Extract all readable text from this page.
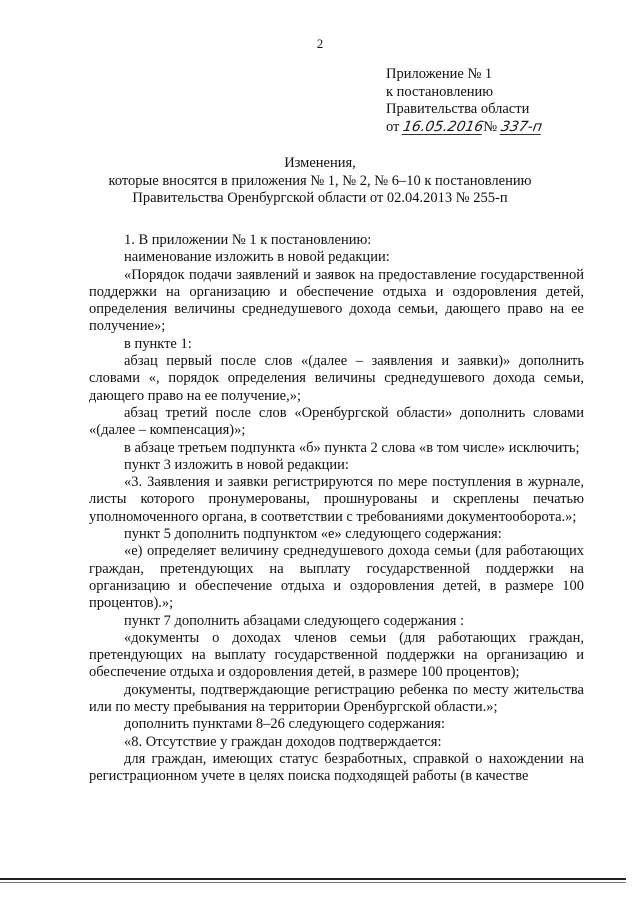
2
Приложение № 1
к постановлению
Правительства области
от 16.05.2016№ 337-п
Изменения,
которые вносятся в приложения № 1, № 2, № 6–10 к постановлению
Правительства Оренбургской области от 02.04.2013 № 255-п

1. В приложении № 1 к постановлению:

наименование изложить в новой редакции:

«Порядок подачи заявлений и заявок на предоставление государственной поддержки на организацию и обеспечение отдыха и оздоровления детей, определения величины среднедушевого дохода семьи, дающего право на ее получение»;

в пункте 1:

абзац первый после слов «(далее – заявления и заявки)» дополнить словами «, порядок определения величины среднедушевого дохода семьи, дающего право на ее получение,»;

абзац третий после слов «Оренбургской области» дополнить словами «(далее – компенсация)»;

в абзаце третьем подпункта «б» пункта 2 слова «в том числе» исключить;

пункт 3 изложить в новой редакции:

«3. Заявления и заявки регистрируются по мере поступления в журнале, листы которого пронумерованы, прошнурованы и скреплены печатью уполномоченного органа, в соответствии с требованиями документооборота.»;

пункт 5 дополнить подпунктом «е» следующего содержания:

«е) определяет величину среднедушевого дохода семьи (для работающих граждан, претендующих на выплату государственной поддержки на организацию и обеспечение отдыха и оздоровления детей, в размере 100 процентов).»;

пункт 7 дополнить абзацами следующего содержания :

«документы о доходах членов семьи (для работающих граждан, претендующих на выплату государственной поддержки на организацию и обеспечение отдыха и оздоровления детей, в размере 100 процентов);

документы, подтверждающие регистрацию ребенка по месту жительства или по месту пребывания на территории Оренбургской области.»;

дополнить пунктами 8–26 следующего содержания:

«8. Отсутствие у граждан доходов подтверждается:

для граждан, имеющих статус безработных, справкой о нахождении на регистрационном учете в целях поиска подходящей работы (в качестве
